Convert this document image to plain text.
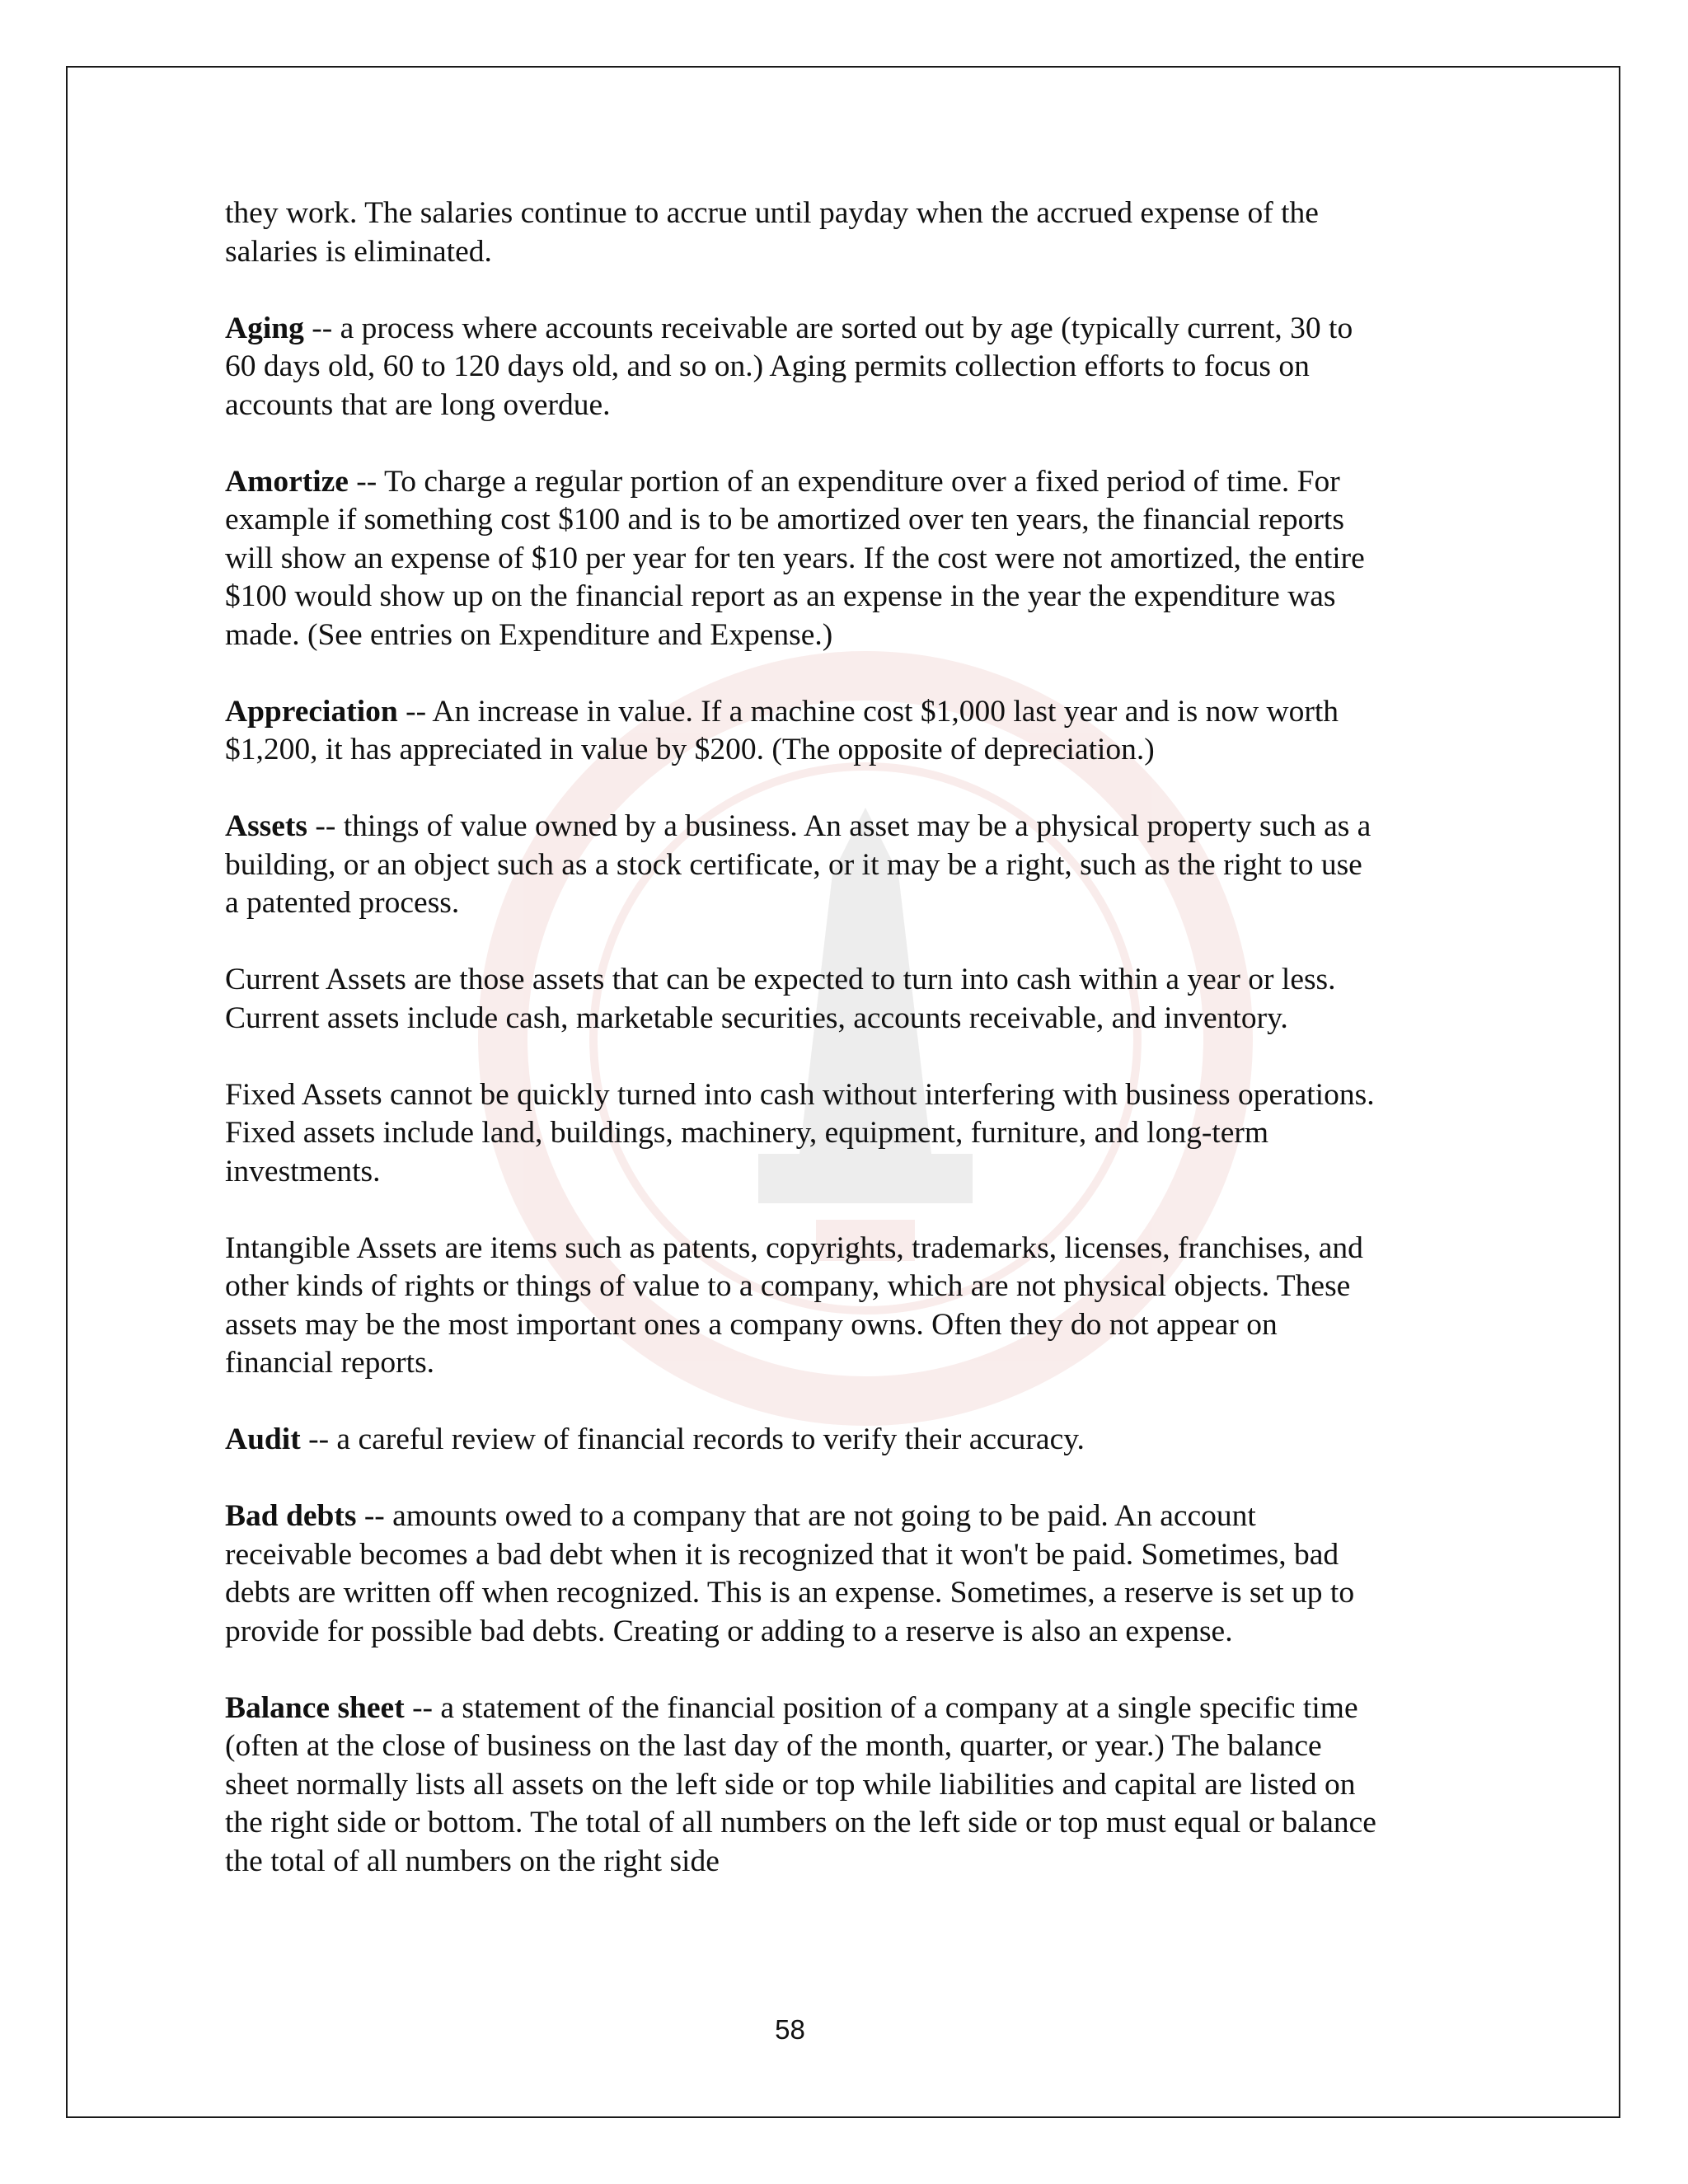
they work. The salaries continue to accrue until payday when the accrued expense of the salaries is eliminated.

Aging -- a process where accounts receivable are sorted out by age (typically current, 30 to 60 days old, 60 to 120 days old, and so on.) Aging permits collection efforts to focus on accounts that are long overdue.

Amortize -- To charge a regular portion of an expenditure over a fixed period of time. For example if something cost $100 and is to be amortized over ten years, the financial reports will show an expense of $10 per year for ten years. If the cost were not amortized, the entire $100 would show up on the financial report as an expense in the year the expenditure was made. (See entries on Expenditure and Expense.)

Appreciation -- An increase in value. If a machine cost $1,000 last year and is now worth $1,200, it has appreciated in value by $200. (The opposite of depreciation.)

Assets -- things of value owned by a business. An asset may be a physical property such as a building, or an object such as a stock certificate, or it may be a right, such as the right to use a patented process.

Current Assets are those assets that can be expected to turn into cash within a year or less. Current assets include cash, marketable securities, accounts receivable, and inventory.

Fixed Assets cannot be quickly turned into cash without interfering with business operations. Fixed assets include land, buildings, machinery, equipment, furniture, and long-term investments.

Intangible Assets are items such as patents, copyrights, trademarks, licenses, franchises, and other kinds of rights or things of value to a company, which are not physical objects. These assets may be the most important ones a company owns. Often they do not appear on financial reports.

Audit -- a careful review of financial records to verify their accuracy.

Bad debts -- amounts owed to a company that are not going to be paid. An account receivable becomes a bad debt when it is recognized that it won't be paid. Sometimes, bad debts are written off when recognized. This is an expense. Sometimes, a reserve is set up to provide for possible bad debts. Creating or adding to a reserve is also an expense.

Balance sheet -- a statement of the financial position of a company at a single specific time (often at the close of business on the last day of the month, quarter, or year.) The balance sheet normally lists all assets on the left side or top while liabilities and capital are listed on the right side or bottom. The total of all numbers on the left side or top must equal or balance the total of all numbers on the right side

58
